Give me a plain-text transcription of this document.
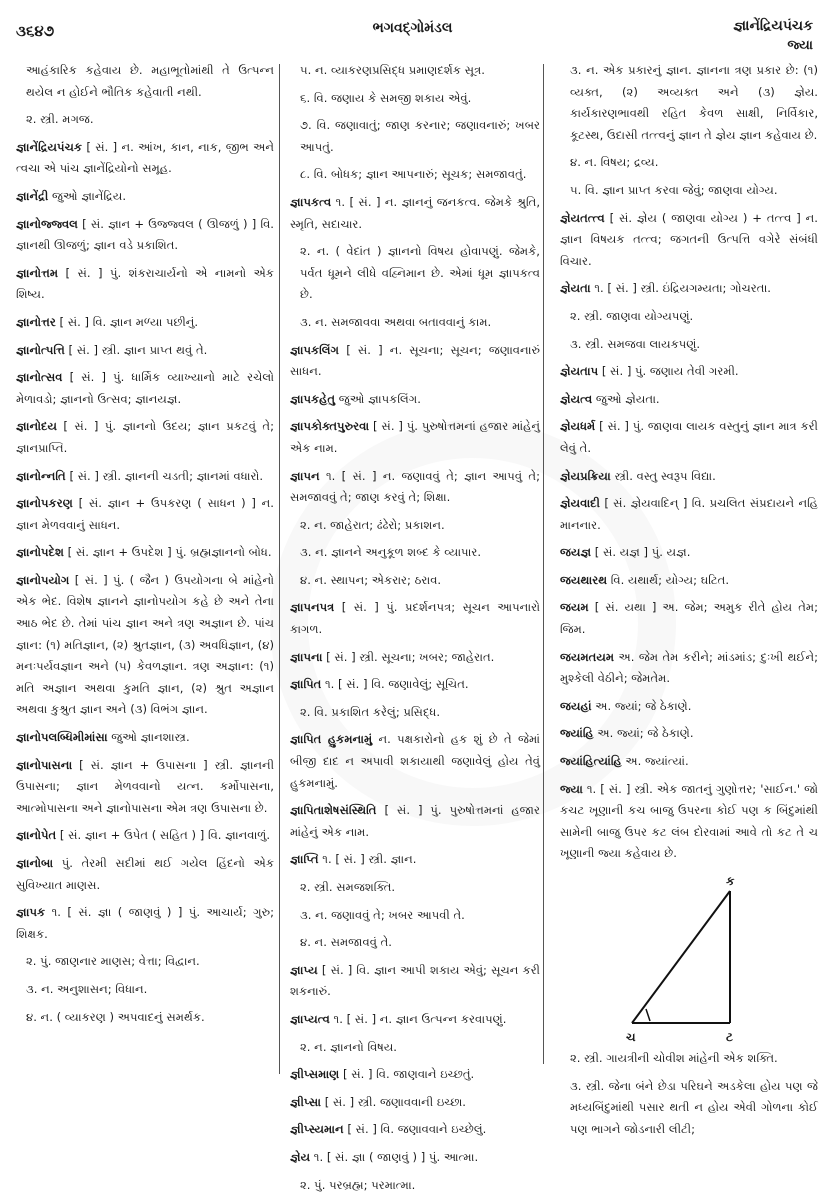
૩૬૪૭	ભગવદ્ગોમંડલ	જ્ઞાનેંદ્રિયપંચક
જ્યા

આહંકારિક કહેવાય છે. મહાભૂતોમાંથી તે ઉત્પન્ન થયેલ ન હોઈને ભૌતિક કહેવાતી નથી.

૨. સ્ત્રી. મગજ.

જ્ઞાનેંદ્રિયપંચક [ સં. ] ન. આંખ, કાન, નાક, જીભ અને ત્વચા એ પાંચ જ્ઞાનેંદ્રિયોનો સમૂહ.

જ્ઞાનેંદ્રી જુઓ જ્ઞાનેંદ્રિય.

જ્ઞાનોજ્જ્વલ [ સં. જ્ઞાન + ઉજ્જ્વલ ( ઊજળું ) ] વિ. જ્ઞાનથી ઊજળું; જ્ઞાન વડે પ્રકાશિત.

જ્ઞાનોત્તમ [ સં. ] પું. શંકરાચાર્યનો એ નામનો એક શિષ્ય.

જ્ઞાનોત્તર [ સં. ] વિ. જ્ઞાન મળ્યા પછીનું.

જ્ઞાનોત્પત્તિ [ સં. ] સ્ત્રી. જ્ઞાન પ્રાપ્ત થવું તે.

જ્ઞાનોત્સવ [ સં. ] પું. ધાર્મિક વ્યાખ્યાનો માટે રચેલો મેળાવડો; જ્ઞાનનો ઉત્સવ; જ્ઞાનયજ્ઞ.

જ્ઞાનોદય [ સં. ] પું. જ્ઞાનનો ઉદય; જ્ઞાન પ્રકટવું તે; જ્ઞાનપ્રાપ્તિ.

જ્ઞાનોન્નતિ [ સં. ] સ્ત્રી. જ્ઞાનની ચડતી; જ્ઞાનમાં વધારો.

જ્ઞાનોપકરણ [ સં. જ્ઞાન + ઉપકરણ ( સાધન ) ] ન. જ્ઞાન મેળવવાનું સાધન.

જ્ઞાનોપદેશ [ સં. જ્ઞાન + ઉપદેશ ] પું. બ્રહ્મજ્ઞાનનો બોધ.

જ્ઞાનોપયોગ [ સં. ] પું. ( જૈન ) ઉપયોગના બે માંહેનો એક ભેદ. વિશેષ જ્ઞાનને જ્ઞાનોપયોગ કહે છે અને તેના આઠ ભેદ છે. તેમાં પાંચ જ્ઞાન અને ત્રણ અજ્ઞાન છે. પાંચ જ્ઞાન: (૧) મતિજ્ઞાન, (૨) શ્રુતજ્ઞાન, (૩) અવધિજ્ઞાન, (૪) મનઃપર્યવજ્ઞાન અને (૫) કેવળજ્ઞાન. ત્રણ અજ્ઞાન: (૧) મતિ અજ્ઞાન અથવા કુમતિ જ્ઞાન, (૨) શ્રુત અજ્ઞાન અથવા કુશ્રુત જ્ઞાન અને (૩) વિભંગ જ્ઞાન.

જ્ઞાનોપલબ્ધિમીમાંસા જુઓ જ્ઞાનશાસ્ત્ર.

જ્ઞાનોપાસના [ સં. જ્ઞાન + ઉપાસના ] સ્ત્રી. જ્ઞાનની ઉપાસના; જ્ઞાન મેળવવાનો યત્ન. કર્મોપાસના, આત્મોપાસના અને જ્ઞાનોપાસના એમ ત્રણ ઉપાસના છે.

જ્ઞાનોપેત [ સં. જ્ઞાન + ઉપેત ( સહિત ) ] વિ. જ્ઞાનવાળું.

જ્ઞાનોબા પું. તેરમી સદીમાં થઈ ગયેલ હિંદનો એક સુવિખ્યાત માણસ.

જ્ઞાપક ૧. [ સં. જ્ઞા ( જાણવું ) ] પું. આચાર્ય; ગુરુ; શિક્ષક.

૨. પું. જાણનાર માણસ; વેત્તા; વિદ્વાન.

૩. ન. અનુશાસન; વિધાન.

૪. ન. ( વ્યાકરણ ) અપવાદનું સમર્થક.

૫. ન. વ્યાકરણપ્રસિદ્ધ પ્રમાણદર્શક સૂત્ર.

૬. વિ. જણાય કે સમજી શકાય એવું.

૭. વિ. જણાવાતું; જાણ કરનાર; જણાવનારું; ખબર આપતું.

૮. વિ. બોધક; જ્ઞાન આપનારું; સૂચક; સમજાવતું.

જ્ઞાપકત્વ ૧. [ સં. ] ન. જ્ઞાનનું જનકત્વ. જેમકે શ્રુતિ, સ્મૃતિ, સદાચાર.

૨. ન. ( વેદાંત ) જ્ઞાનનો વિષય હોવાપણું. જેમકે, પર્વત ધૂમને લીધે વહ્નિમાન છે. એમાં ધૂમ જ્ઞાપકત્વ છે.

૩. ન. સમજાવવા અથવા બતાવવાનું કામ.

જ્ઞાપકલિંગ [ સં. ] ન. સૂચના; સૂચન; જણાવનારું સાધન.

જ્ઞાપકહેતુ જુઓ જ્ઞાપકલિંગ.

જ્ઞાપકોક્તપુરુરવા [ સં. ] પું. પુરુષોત્તમનાં હજાર માંહેનું એક નામ.

જ્ઞાપન ૧. [ સં. ] ન. જણાવવું તે; જ્ઞાન આપવું તે; સમજાવવું તે; જાણ કરવું તે; શિક્ષા.

૨. ન. જાહેરાત; ઢંઢેરો; પ્રકાશન.

૩. ન. જ્ઞાનને અનુકૂળ શબ્દ કે વ્યાપાર.

૪. ન. સ્થાપન; એકરાર; ઠરાવ.

જ્ઞાપનપત્ર [ સં. ] પું. પ્રદર્શનપત્ર; સૂચન આપનારો કાગળ.

જ્ઞાપના [ સં. ] સ્ત્રી. સૂચના; ખબર; જાહેરાત.

જ્ઞાપિત ૧. [ સં. ] વિ. જણાવેલું; સૂચિત.

૨. વિ. પ્રકાશિત કરેલું; પ્રસિદ્ધ.

જ્ઞાપિત હુકમનામું ન. પક્ષકારોનો હક શું છે તે જેમાં બીજી દાદ ન અપાવી શકાયાથી જણાવેલું હોય તેવું હુકમનામું.

જ્ઞાપિતાશેષસંસ્થિતિ [ સં. ] પું. પુરુષોત્તમનાં હજાર માંહેનું એક નામ.

જ્ઞાપ્તિ ૧. [ સં. ] સ્ત્રી. જ્ઞાન.

૨. સ્ત્રી. સમજશક્તિ.

૩. ન. જણાવવું તે; ખબર આપવી તે.

૪. ન. સમજાવવું તે.

જ્ઞાપ્ય [ સં. ] વિ. જ્ઞાન આપી શકાય એવું; સૂચન કરી શકનારું.

જ્ઞાપ્યત્વ ૧. [ સં. ] ન. જ્ઞાન ઉત્પન્ન કરવાપણું.

૨. ન. જ્ઞાનનો વિષય.

જ્ઞીપ્સમાણ [ સં. ] વિ. જાણવાને ઇચ્છતું.

જ્ઞીપ્સા [ સં. ] સ્ત્રી. જણાવવાની ઇચ્છા.

જ્ઞીપ્સ્યમાન [ સં. ] વિ. જણાવવાને ઇચ્છેલું.

જ્ઞેય ૧. [ સં. જ્ઞા ( જાણવું ) ] પું. આત્મા.

૨. પું. પરબ્રહ્મ; પરમાત્મા.

૩. ન. એક પ્રકારનું જ્ઞાન. જ્ઞાનના ત્રણ પ્રકાર છે: (૧) વ્યક્ત, (૨) અવ્યક્ત અને (૩) જ્ઞેય. કાર્યકારણભાવથી રહિત કેવળ સાક્ષી, નિર્વિકાર, કૂટસ્થ, ઉદાસી તત્ત્વનું જ્ઞાન તે જ્ઞેય જ્ઞાન કહેવાય છે.

૪. ન. વિષય; દ્રવ્ય.

૫. વિ. જ્ઞાન પ્રાપ્ત કરવા જેવું; જાણવા યોગ્ય.

જ્ઞેયતત્ત્વ [ સં. જ્ઞેય ( જાણવા યોગ્ય ) + તત્ત્વ ] ન. જ્ઞાન વિષયક તત્ત્વ; જગતની ઉત્પત્તિ વગેરે સંબંધી વિચાર.

જ્ઞેયતા ૧. [ સં. ] સ્ત્રી. ઇંદ્રિયગમ્યતા; ગોચરતા.

૨. સ્ત્રી. જાણવા યોગ્યપણું.

૩. સ્ત્રી. સમજવા લાયકપણું.

જ્ઞેયતાપ [ સં. ] પું. જણાય તેવી ગરમી.

જ્ઞેયત્વ જુઓ જ્ઞેયતા.

જ્ઞેયધર્મ [ સં. ] પું. જાણવા લાયક વસ્તુનું જ્ઞાન માત્ર કરી લેવું તે.

જ્ઞેયપ્રક્રિયા સ્ત્રી. વસ્તુ સ્વરૂપ વિદ્યા.

જ્ઞેયવાદી [ સં. જ્ઞેયવાદિન્ ] વિ. પ્રચલિત સંપ્રદાયને નહિ માનનાર.

જયજ્ઞ [ સં. યજ્ઞ ] પું. યજ્ઞ.

જયથારથ વિ. યથાર્થ; યોગ્ય; ઘટિત.

જયમ [ સં. યથા ] અ. જેમ; અમુક રીતે હોય તેમ; જિમ.

જયમતયમ અ. જેમ તેમ કરીને; માંડમાંડ; દુઃખી થઈને; મુશ્કેલી વેઠીને; જેમતેમ.

જયહાં અ. જ્યાં; જે ઠેકાણે.

જ્યાંહિ અ. જ્યાં; જે ઠેકાણે.

જ્યાંહિત્યાંહિ અ. જ્યાંત્યાં.

જ્યા ૧. [ સં. ] સ્ત્રી. એક જાતનું ગુણોત્તર; 'સાઈન.' જો કચટ ખૂણાની કચ બાજુ ઉપરના કોઈ પણ ક બિંદુમાંથી સામેની બાજુ ઉપર કટ લંબ દોરવામાં આવે તો કટ તે ચ ખૂણાની જ્યા કહેવાય છે.

ક
ચ	ટ

૨. સ્ત્રી. ગાયત્રીની ચોવીશ માંહેની એક શક્તિ.

૩. સ્ત્રી. જેના બંને છેડા પરિઘને અડકેલા હોય પણ જે મધ્યબિંદુમાંથી પસાર થતી ન હોય એવી ગોળના કોઈ પણ ભાગને જોડનારી લીટી;
